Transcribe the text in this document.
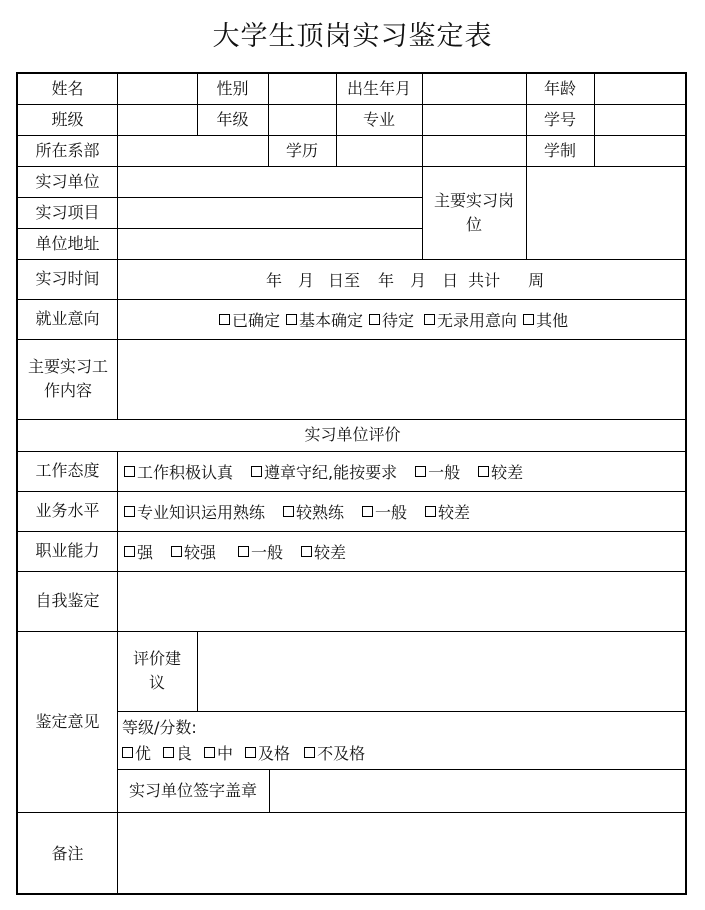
大学生顶岗实习鉴定表
姓名	性别	出生年月	年龄
班级	年级	专业	学号
所在系部	学历	学制
实习单位
实习项目
单位地址
主要实习岗位
实习时间	年 月 日至 年 月 日 共计 周
就业意向	已确定 基本确定 待定 无录用意向 其他
主要实习工作内容
实习单位评价
工作态度	工作积极认真 遵章守纪,能按要求 一般 较差
业务水平	专业知识运用熟练 较熟练 一般 较差
职业能力	强 较强 一般 较差
自我鉴定
鉴定意见
评价建议
等级/分数:
优 良 中 及格 不及格
实习单位签字盖章
备注
